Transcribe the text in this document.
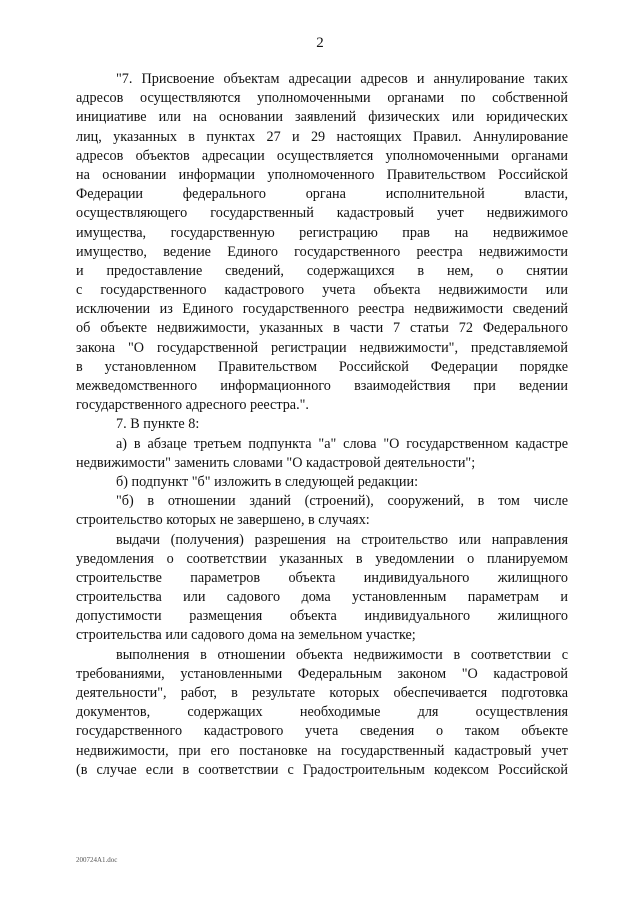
2
"7. Присвоение объектам адресации адресов и аннулирование таких
адресов осуществляются уполномоченными органами по собственной
инициативе или на основании заявлений физических или юридических
лиц, указанных в пунктах 27 и 29 настоящих Правил. Аннулирование
адресов объектов адресации осуществляется уполномоченными органами
на основании информации уполномоченного Правительством Российской
Федерации федерального органа исполнительной власти,
осуществляющего государственный кадастровый учет недвижимого
имущества, государственную регистрацию прав на недвижимое
имущество, ведение Единого государственного реестра недвижимости
и предоставление сведений, содержащихся в нем, о снятии
с государственного кадастрового учета объекта недвижимости или
исключении из Единого государственного реестра недвижимости сведений
об объекте недвижимости, указанных в части 7 статьи 72 Федерального
закона "О государственной регистрации недвижимости", представляемой
в установленном Правительством Российской Федерации порядке
межведомственного информационного взаимодействия при ведении
государственного адресного реестра.".
7. В пункте 8:
а) в абзаце третьем подпункта "а" слова "О государственном кадастре
недвижимости" заменить словами "О кадастровой деятельности";
б) подпункт "б" изложить в следующей редакции:
"б) в отношении зданий (строений), сооружений, в том числе
строительство которых не завершено, в случаях:
выдачи (получения) разрешения на строительство или направления
уведомления о соответствии указанных в уведомлении о планируемом
строительстве параметров объекта индивидуального жилищного
строительства или садового дома установленным параметрам и
допустимости размещения объекта индивидуального жилищного
строительства или садового дома на земельном участке;
выполнения в отношении объекта недвижимости в соответствии с
требованиями, установленными Федеральным законом "О кадастровой
деятельности", работ, в результате которых обеспечивается подготовка
документов, содержащих необходимые для осуществления
государственного кадастрового учета сведения о таком объекте
недвижимости, при его постановке на государственный кадастровый учет
(в случае если в соответствии с Градостроительным кодексом Российской
200724A1.doc
